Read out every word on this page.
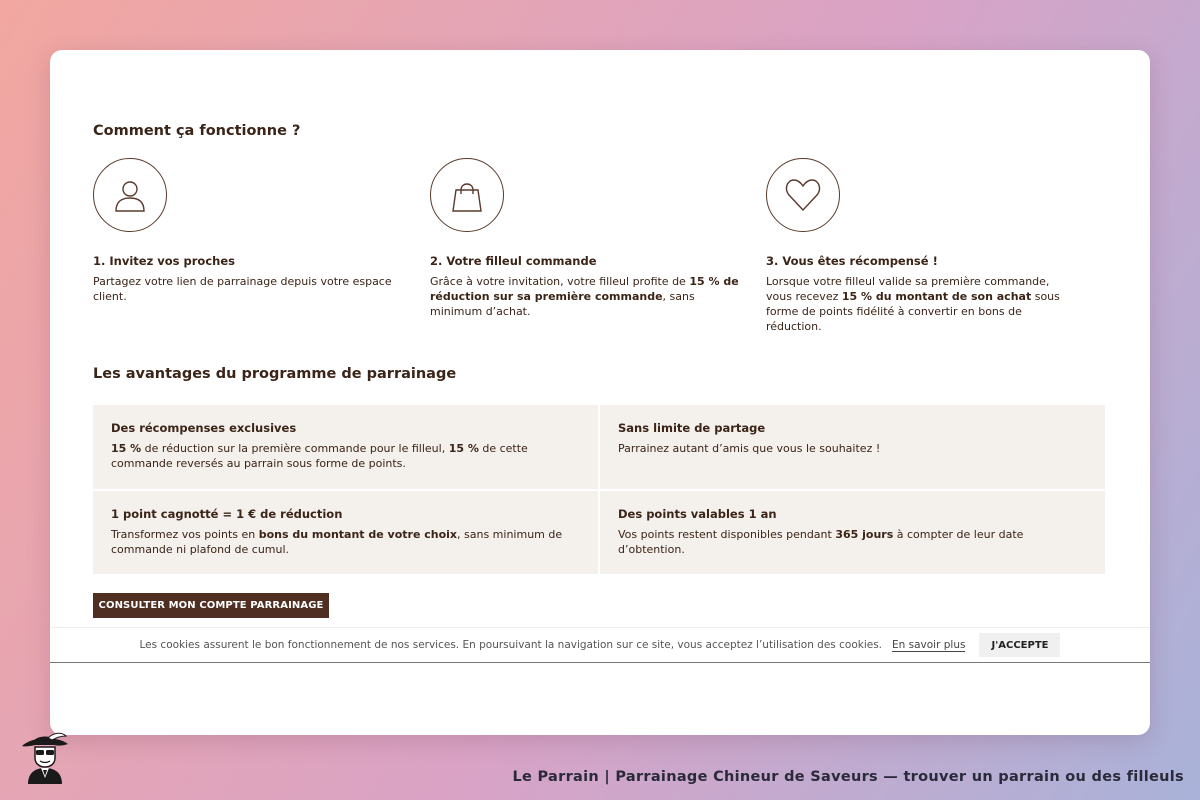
Comment ça fonctionne ?
1. Invitez vos proches

Partagez votre lien de parrainage depuis votre espace client.

2. Votre filleul commande

Grâce à votre invitation, votre filleul profite de 15 % de réduction sur sa première commande, sans minimum d’achat.

3. Vous êtes récompensé !

Lorsque votre filleul valide sa première commande, vous recevez 15 % du montant de son achat sous forme de points fidélité à convertir en bons de réduction.

Les avantages du programme de parrainage
Des récompenses exclusives

15 % de réduction sur la première commande pour le filleul, 15 % de cette commande reversés au parrain sous forme de points.

Sans limite de partage

Parrainez autant d’amis que vous le souhaitez !

1 point cagnotté = 1 € de réduction

Transformez vos points en bons du montant de votre choix, sans minimum de commande ni plafond de cumul.

Des points valables 1 an

Vos points restent disponibles pendant 365 jours à compter de leur date d’obtention.

CONSULTER MON COMPTE PARRAINAGE
Les cookies assurent le bon fonctionnement de nos services. En poursuivant la navigation sur ce site, vous acceptez l’utilisation des cookies. En savoir plus	J'ACCEPTE
Le Parrain | Parrainage Chineur de Saveurs — trouver un parrain ou des filleuls
